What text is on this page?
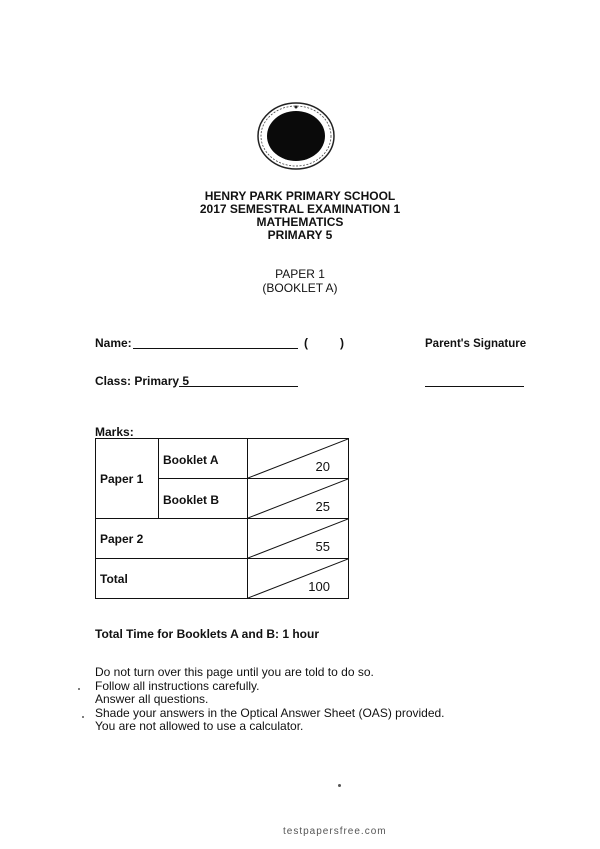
HENRY PARK PRIMARY SCHOOL
2017 SEMESTRAL EXAMINATION 1
MATHEMATICS
PRIMARY 5
PAPER 1
(BOOKLET A)
Name:	(	)	Parent's Signature
Class: Primary 5
Marks:
Paper 1	Booklet A	20

	Booklet B	25

Paper 2		55

Total		100
Total Time for Booklets A and B: 1 hour
Do not turn over this page until you are told to do so.
Follow all instructions carefully.
Answer all questions.
Shade your answers in the Optical Answer Sheet (OAS) provided.
You are not allowed to use a calculator.
testpapersfree.com
